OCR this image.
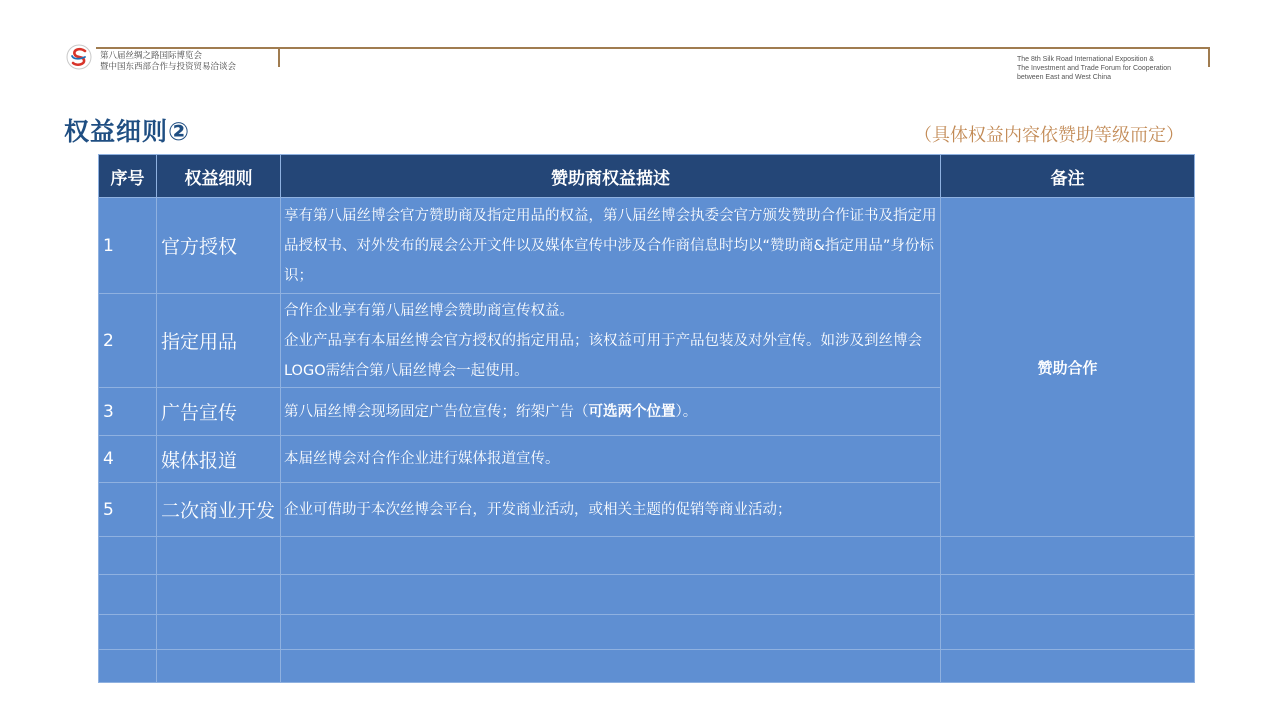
第八届丝绸之路国际博览会
暨中国东西部合作与投资贸易洽谈会
The 8th Silk Road International Exposition &
The Investment and Trade Forum for Cooperation
between East and West China
权益细则②	（具体权益内容依赞助等级而定）
序号	权益细则	赞助商权益描述	备注
1	官方授权	享有第八届丝博会官方赞助商及指定用品的权益，第八届丝博会执委会官方颁发赞助合作证书及指定用品授权书、对外发布的展会公开文件以及媒体宣传中涉及合作商信息时均以“赞助商&指定用品”身份标识；	赞助合作
2	指定用品	合作企业享有第八届丝博会赞助商宣传权益。
企业产品享有本届丝博会官方授权的指定用品；该权益可用于产品包装及对外宣传。如涉及到丝博会LOGO需结合第八届丝博会一起使用。	

3	广告宣传	第八届丝博会现场固定广告位宣传；绗架广告（可选两个位置）。	
4	媒体报道	本届丝博会对合作企业进行媒体报道宣传。	
5	二次商业开发	企业可借助于本次丝博会平台，开发商业活动，或相关主题的促销等商业活动；	
